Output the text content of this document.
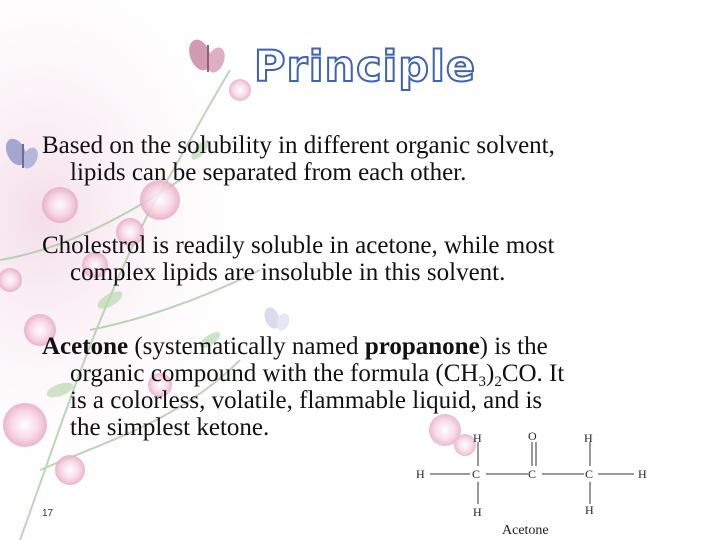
Principle
Based on the solubility in different organic solvent,
lipids can be separated from each other.
Cholestrol is readily soluble in acetone, while most
complex lipids are insoluble in this solvent.
Acetone (systematically named propanone) is the
organic compound with the formula $(CH_3)_2CO$. It
is a colorless, volatile, flammable liquid, and is
the simplest ketone.	H	O	H
H	C	C	C	H
H	H
Acetone
17
